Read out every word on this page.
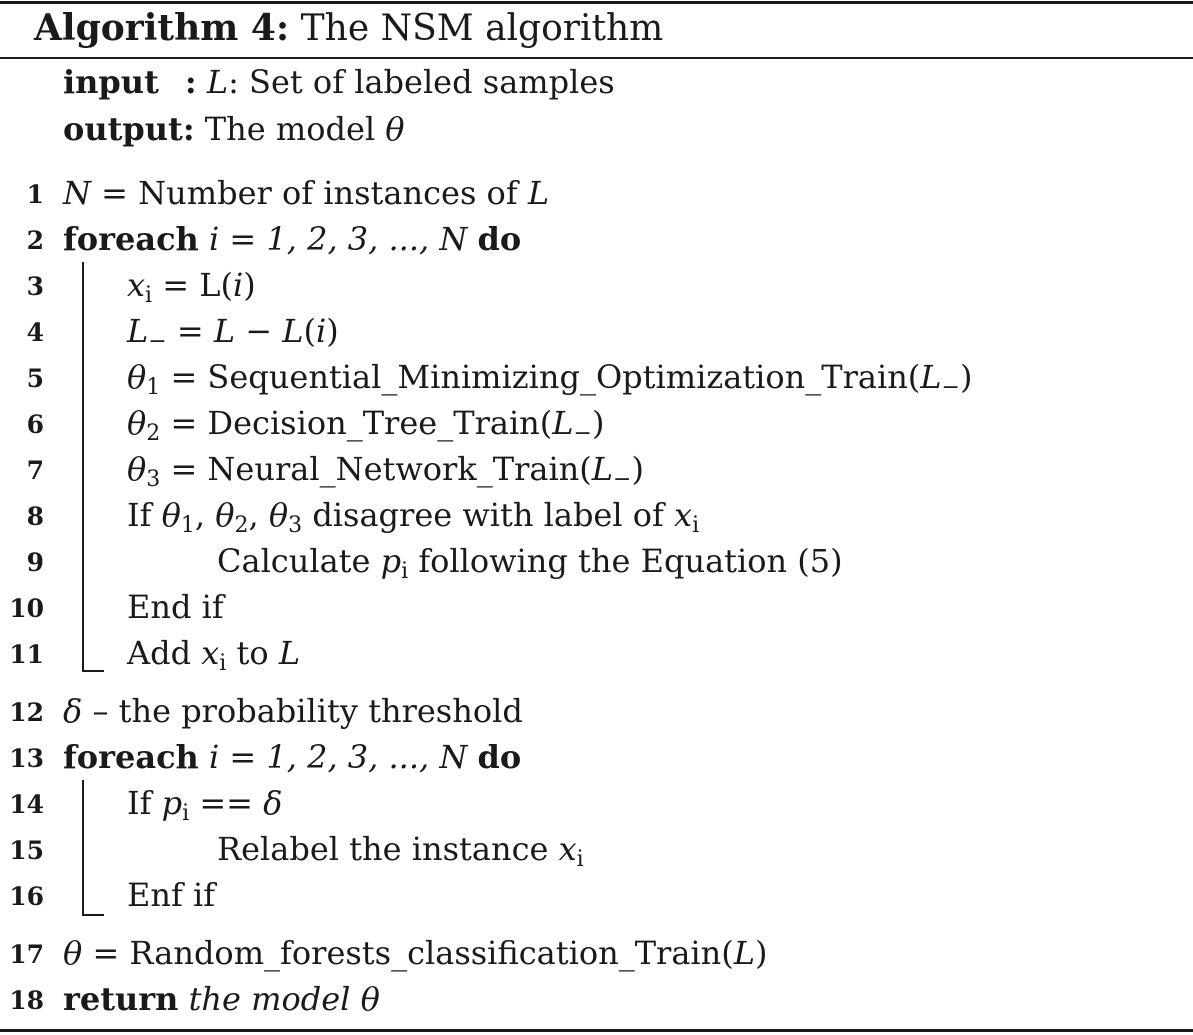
Algorithm 4: The NSM algorithm
input : L: Set of labeled samples
output: The model θ
1 N = Number of instances of L
2 foreach i = 1, 2, 3, ..., N do
3	$x_i = L(i)$
4	$L_- = L - L(i)$
5	$\theta_1$ = $Sequential\_Minimizing\_Optimization\_Train(L_-)$
6	$\theta_2$ = $Decision\_Tree\_Train(L_-)$
7	$\theta_3$ = $Neural\_Network\_Train(L_-)$
8	If $\theta_1$, $\theta_2$, $\theta_3$ disagree with label of $x_i$
9	Calculate $p_i$ following the Equation (5)
10	End if
11	Add $x_i$ to L
12 δ – the probability threshold
13 foreach i = 1, 2, 3, ..., N do
14	If $p_i == \delta$
15	Relabel the instance $x_i$
16	Enf if
17 θ = Random_forests_classification_Train(L)
18 return the model θ
